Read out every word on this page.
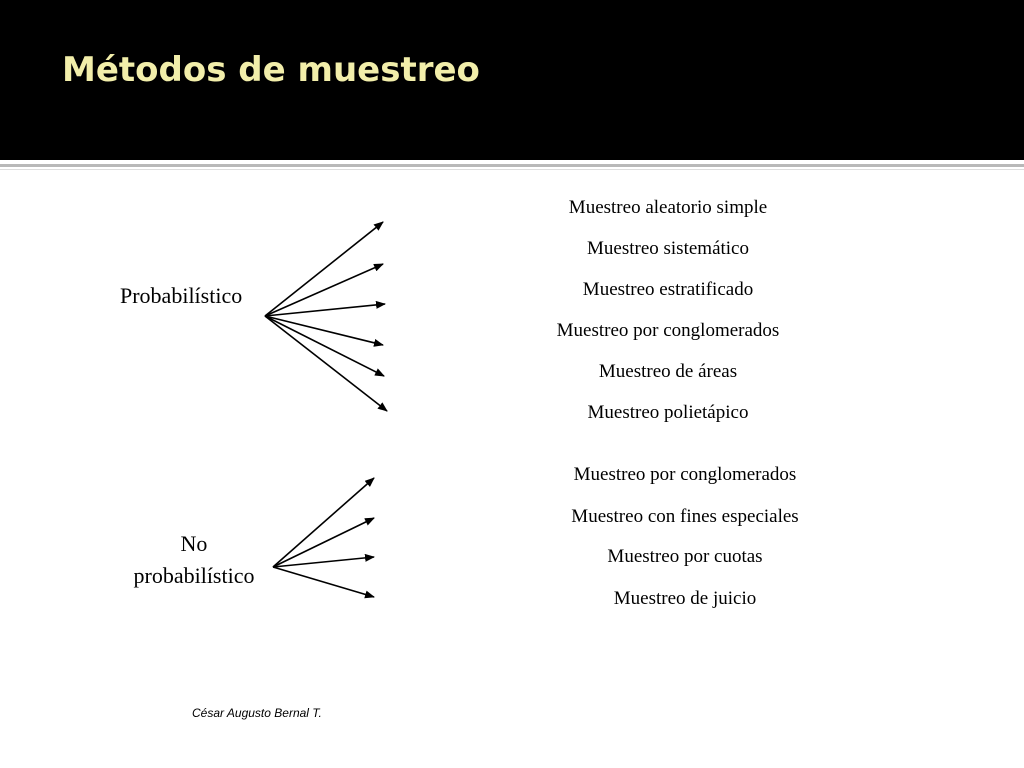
Métodos de muestreo
Probabilístico
Muestreo aleatorio simple
Muestreo sistemático
Muestreo estratificado
Muestreo por conglomerados
Muestreo de áreas
Muestreo polietápico
No
probabilístico
Muestreo por conglomerados
Muestreo con fines especiales
Muestreo por cuotas
Muestreo de juicio
César Augusto Bernal T.
